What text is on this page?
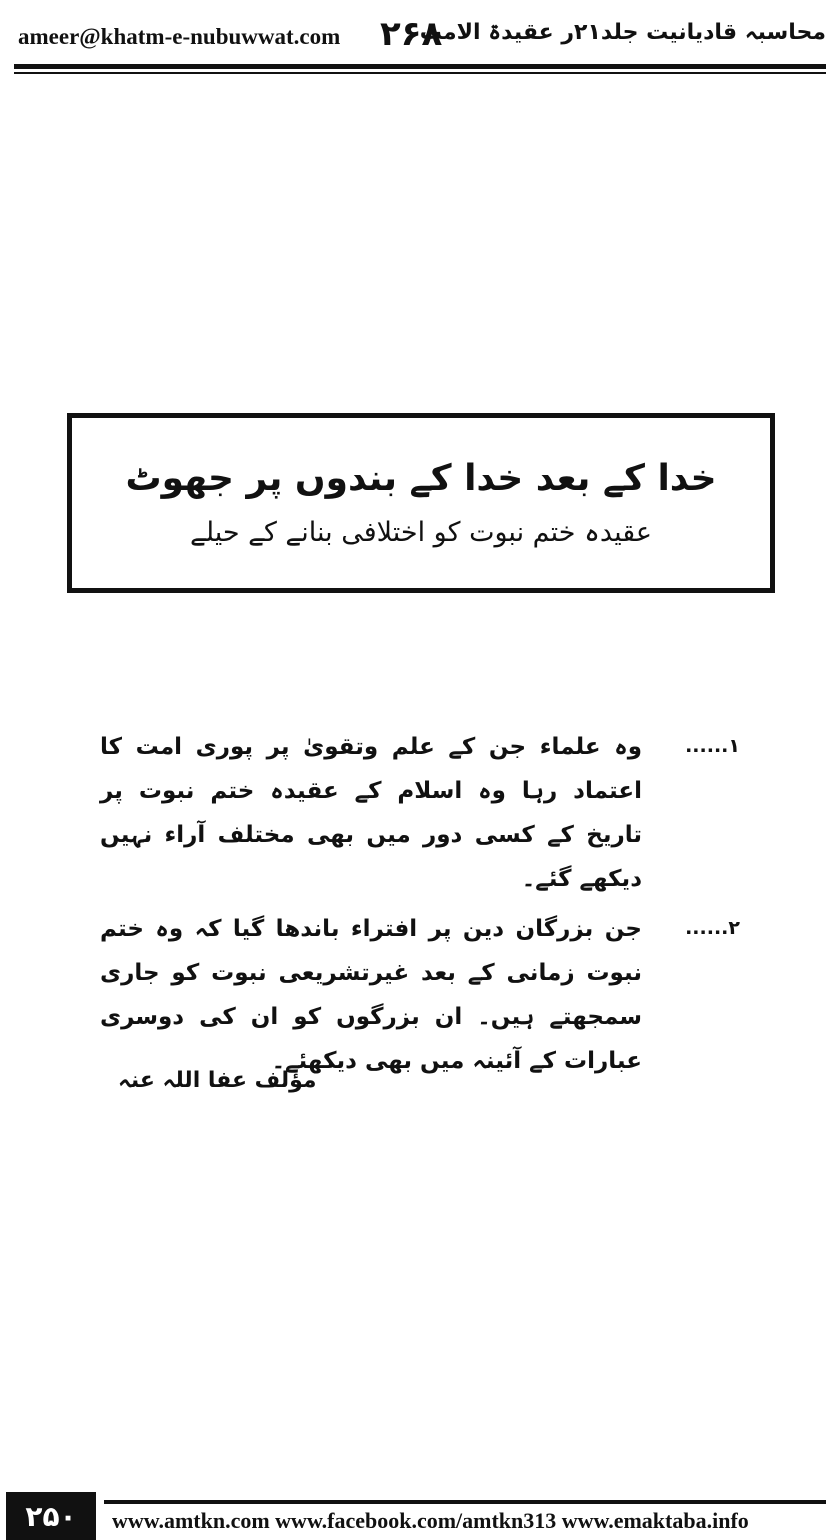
ameer@khatm-e-nubuwwat.com ۲۶۸
محاسبہ قادیانیت جلد۲۱ر عقیدۃ الامت
خدا کے بعد خدا کے بندوں پر جھوٹ
عقیدہ ختم نبوت کو اختلافی بنانے کے حیلے
۱......
وہ علماء جن کے علم وتقویٰ پر پوری امت کا اعتماد رہا وہ اسلام کے عقیدہ ختم نبوت پر تاریخ کے کسی دور میں بھی مختلف آراء نہیں دیکھے گئے۔
۲......
جن بزرگان دین پر افتراء باندھا گیا کہ وہ ختم نبوت زمانی کے بعد غیرتشریعی نبوت کو جاری سمجھتے ہیں۔ ان بزرگوں کو ان کی دوسری عبارات کے آئینہ میں بھی دیکھئے۔
مؤلف عفا اللہ عنہ
۲۵۰	www.amtkn.com www.facebook.com/amtkn313 www.emaktaba.info
